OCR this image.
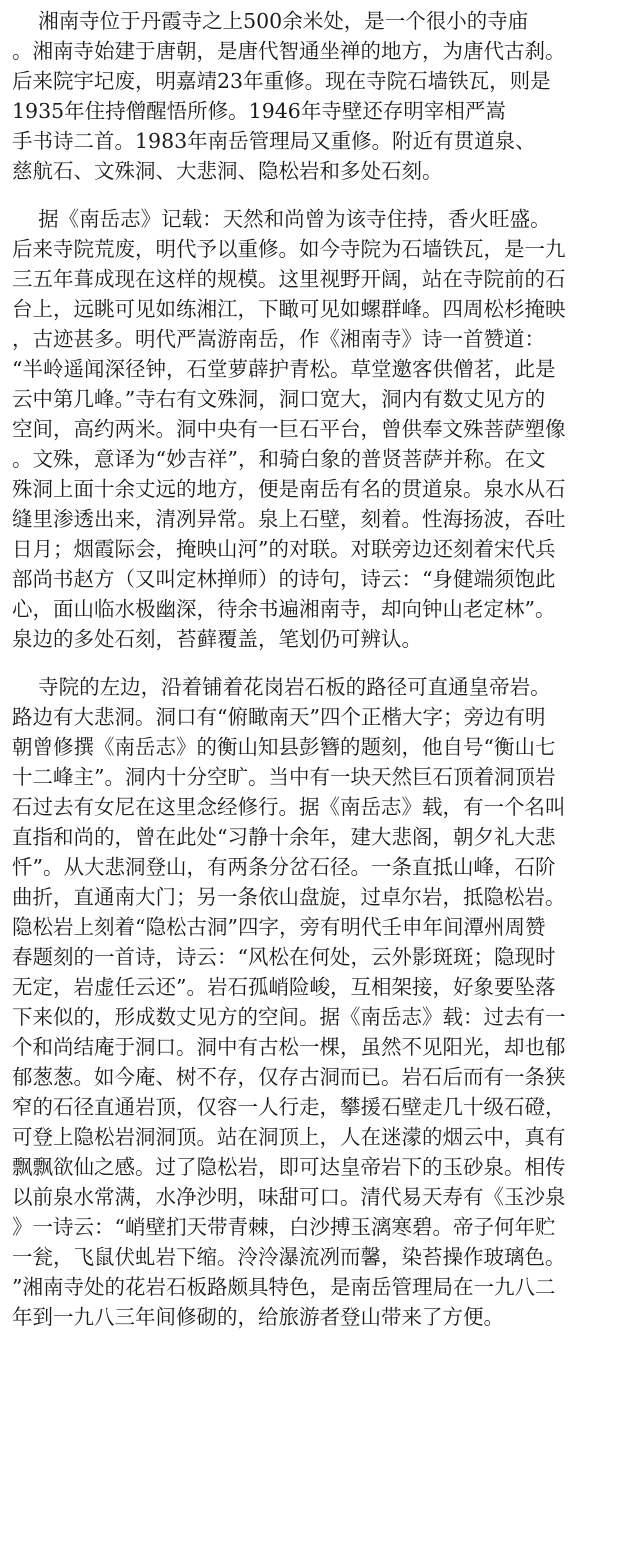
湘南寺位于丹霞寺之上500余米处，是一个很小的寺庙
。湘南寺始建于唐朝，是唐代智通坐禅的地方，为唐代古刹。
后来院宇圮废，明嘉靖23年重修。现在寺院石墙铁瓦，则是
1935年住持僧醒悟所修。1946年寺壁还存明宰相严嵩
手书诗二首。1983年南岳管理局又重修。附近有贯道泉、
慈航石、文殊洞、大悲洞、隐松岩和多处石刻。
据《南岳志》记载：天然和尚曾为该寺住持，香火旺盛。
后来寺院荒废，明代予以重修。如今寺院为石墙铁瓦，是一九
三五年葺成现在这样的规模。这里视野开阔，站在寺院前的石
台上，远眺可见如练湘江，下瞰可见如螺群峰。四周松杉掩映
，古迹甚多。明代严嵩游南岳，作《湘南寺》诗一首赞道：
“半岭遥闻深径钟，石堂萝薜护青松。草堂邀客供僧茗，此是
云中第几峰。”寺右有文殊洞，洞口宽大，洞内有数丈见方的
空间，高约两米。洞中央有一巨石平台，曾供奉文殊菩萨塑像
。文殊，意译为“妙吉祥”，和骑白象的普贤菩萨并称。在文
殊洞上面十余丈远的地方，便是南岳有名的贯道泉。泉水从石
缝里渗透出来，清冽异常。泉上石壁，刻着。性海扬波，吞吐
日月；烟霞际会，掩映山河”的对联。对联旁边还刻着宋代兵
部尚书赵方（又叫定林掸师）的诗句，诗云：“身健端须饱此
心，面山临水极幽深，待余书遍湘南寺，却向钟山老定林”。
泉边的多处石刻，苔藓覆盖，笔划仍可辨认。
寺院的左边，沿着铺着花岗岩石板的路径可直通皇帝岩。
路边有大悲洞。洞口有“俯瞰南天”四个正楷大字；旁边有明
朝曾修撰《南岳志》的衡山知县彭簪的题刻，他自号“衡山七
十二峰主”。洞内十分空旷。当中有一块天然巨石顶着洞顶岩
石过去有女尼在这里念经修行。据《南岳志》载，有一个名叫
直指和尚的，曾在此处“习静十余年，建大悲阁，朝夕礼大悲
忏”。从大悲洞登山，有两条分岔石径。一条直抵山峰，石阶
曲折，直通南大门；另一条依山盘旋，过卓尔岩，抵隐松岩。
隐松岩上刻着“隐松古洞”四字，旁有明代壬申年间潭州周赞
春题刻的一首诗，诗云：“风松在何处，云外影斑斑；隐现时
无定，岩虚任云还”。岩石孤峭险峻，互相架接，好象要坠落
下来似的，形成数丈见方的空间。据《南岳志》载：过去有一
个和尚结庵于洞口。洞中有古松一棵，虽然不见阳光，却也郁
郁葱葱。如今庵、树不存，仅存古洞而已。岩石后而有一条狭
窄的石径直通岩顶，仅容一人行走，攀援石壁走几十级石磴，
可登上隐松岩洞洞顶。站在洞顶上，人在迷濛的烟云中，真有
飘飘欲仙之感。过了隐松岩，即可达皇帝岩下的玉砂泉。相传
以前泉水常满，水净沙明，味甜可口。清代易天寿有《玉沙泉
》一诗云：“峭壁扪天带青棘，白沙搏玉漓寒碧。帝子何年贮
一瓮，飞鼠伏虬岩下缩。泠泠瀑流冽而馨，染苔操作玻璃色。
”湘南寺处的花岩石板路颇具特色，是南岳管理局在一九八二
年到一九八三年间修砌的，给旅游者登山带来了方便。
